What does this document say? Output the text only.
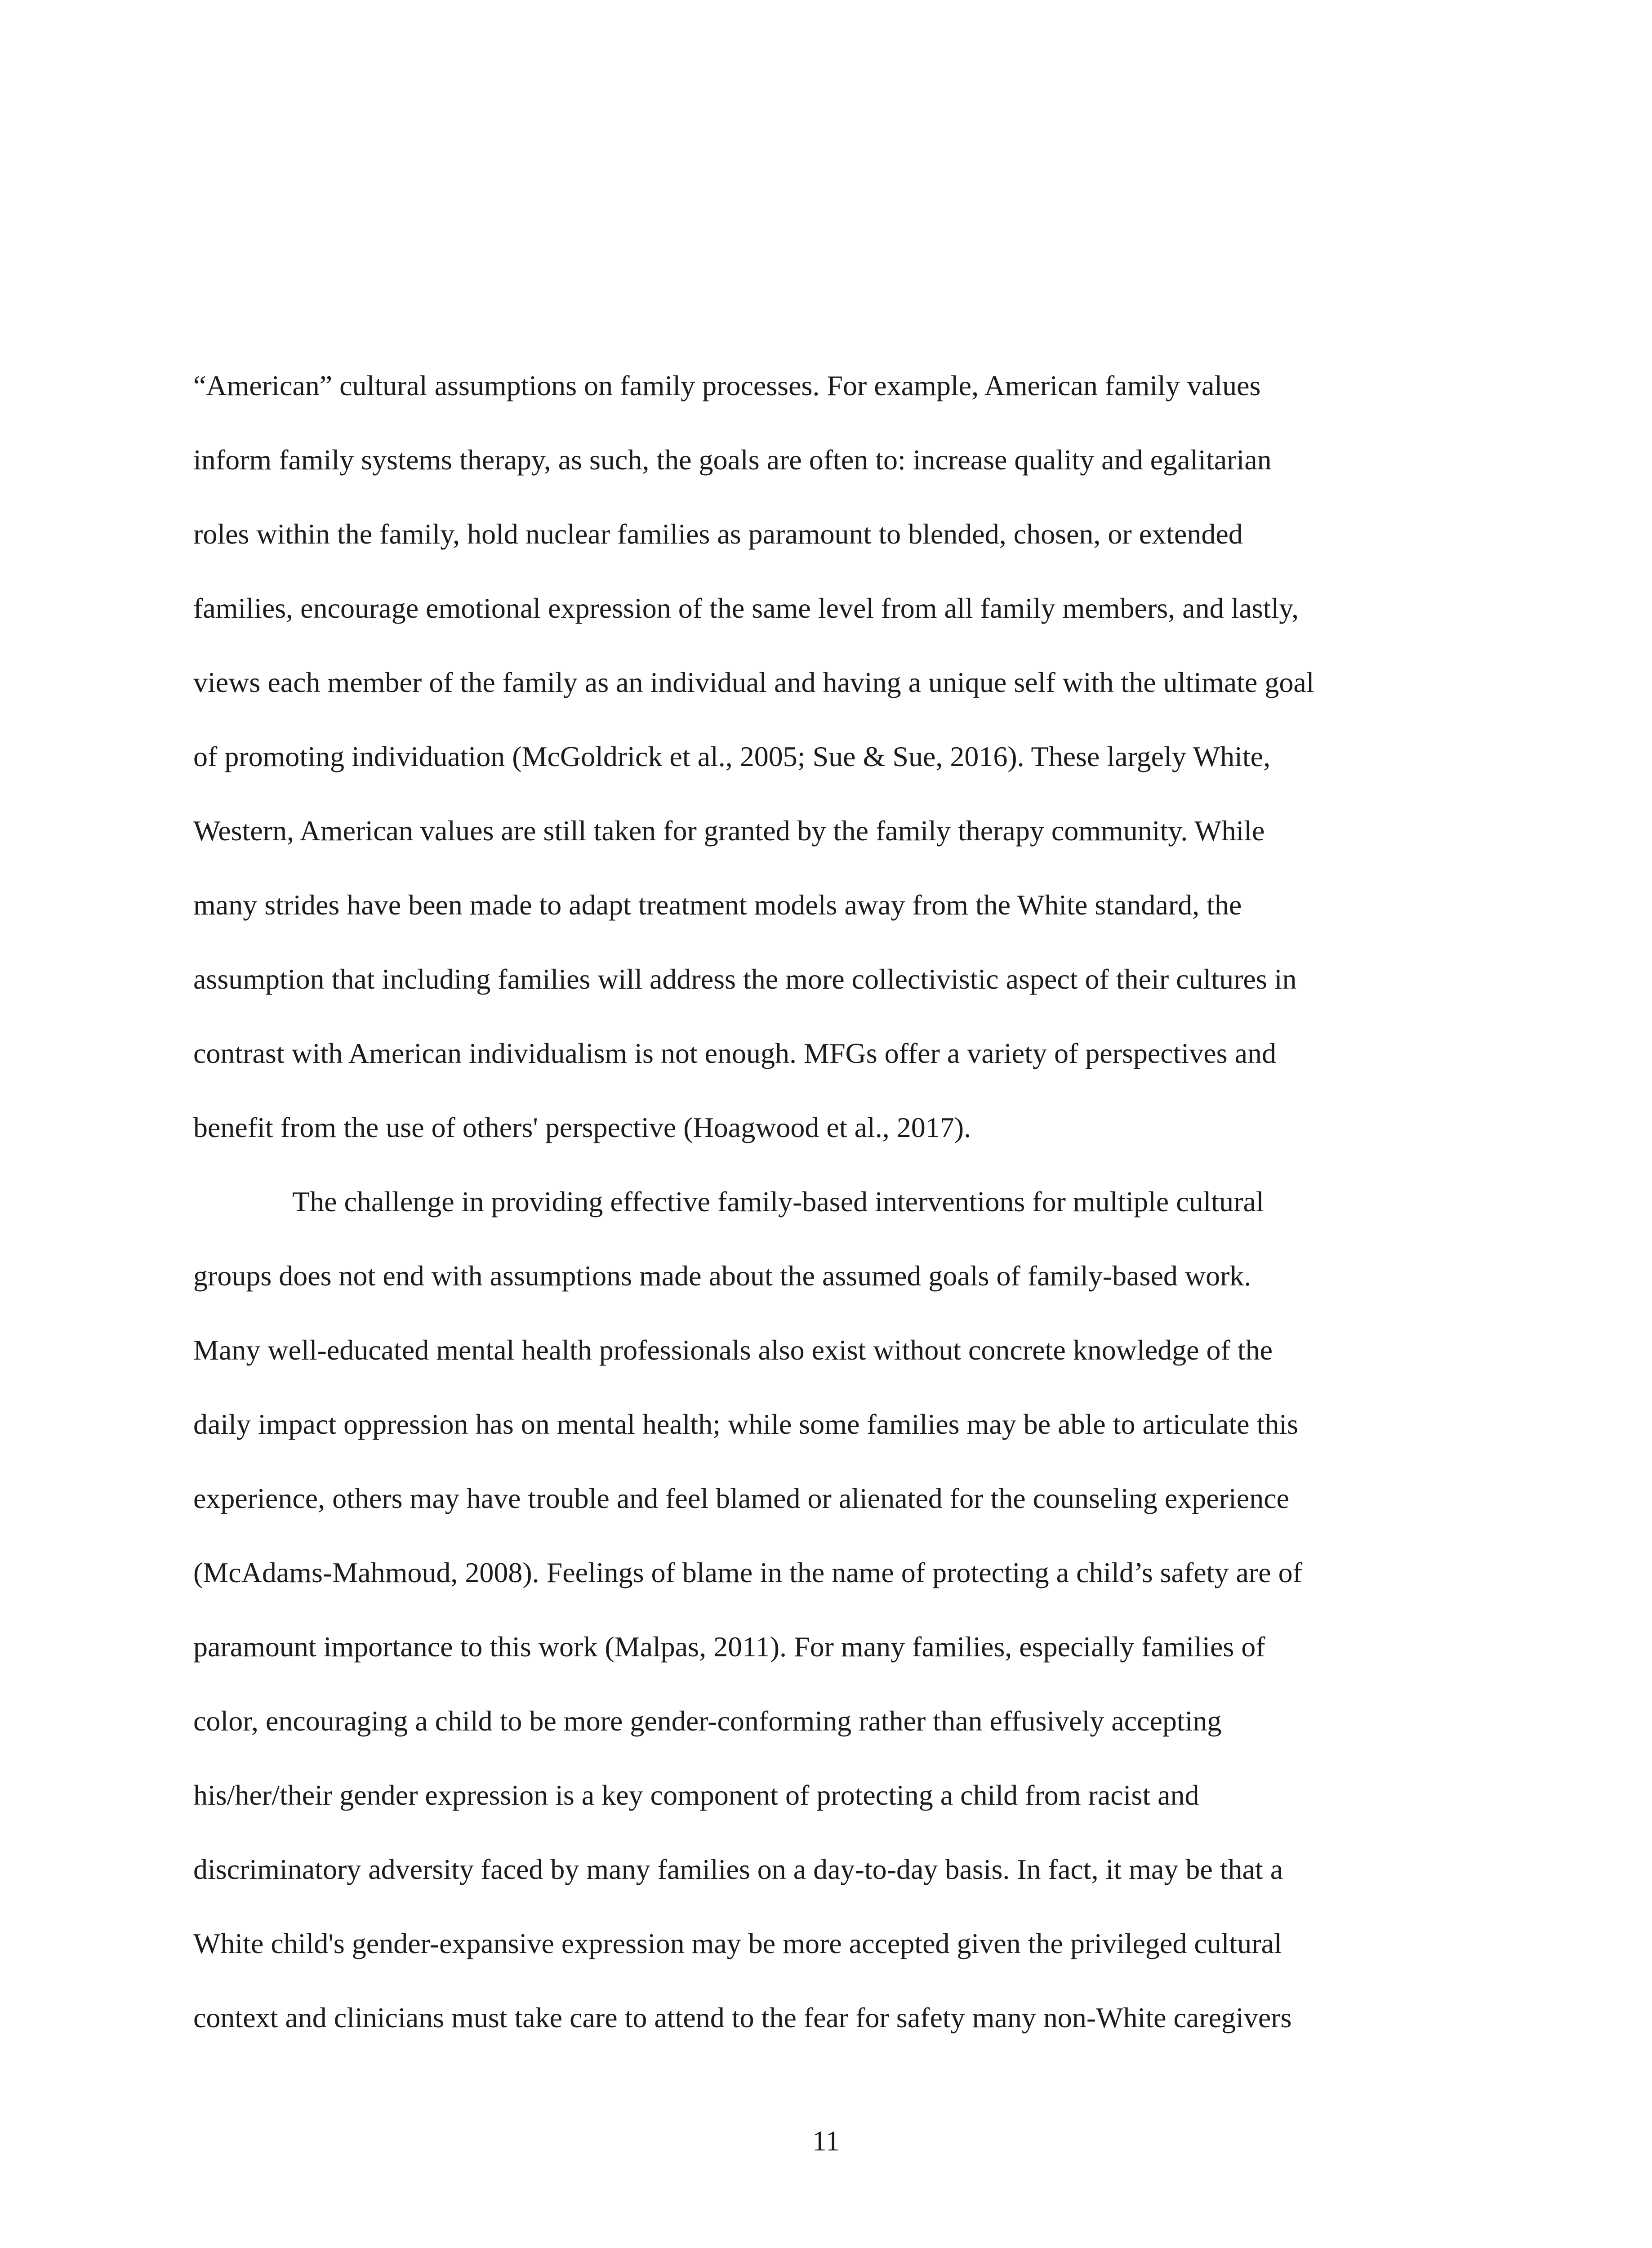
“American” cultural assumptions on family processes. For example, American family values
inform family systems therapy, as such, the goals are often to: increase quality and egalitarian
roles within the family, hold nuclear families as paramount to blended, chosen, or extended
families, encourage emotional expression of the same level from all family members, and lastly,
views each member of the family as an individual and having a unique self with the ultimate goal
of promoting individuation (McGoldrick et al., 2005; Sue & Sue, 2016). These largely White,
Western, American values are still taken for granted by the family therapy community. While
many strides have been made to adapt treatment models away from the White standard, the
assumption that including families will address the more collectivistic aspect of their cultures in
contrast with American individualism is not enough. MFGs offer a variety of perspectives and
benefit from the use of others' perspective (Hoagwood et al., 2017).
The challenge in providing effective family-based interventions for multiple cultural
groups does not end with assumptions made about the assumed goals of family-based work.
Many well-educated mental health professionals also exist without concrete knowledge of the
daily impact oppression has on mental health; while some families may be able to articulate this
experience, others may have trouble and feel blamed or alienated for the counseling experience
(McAdams-Mahmoud, 2008). Feelings of blame in the name of protecting a child’s safety are of
paramount importance to this work (Malpas, 2011). For many families, especially families of
color, encouraging a child to be more gender-conforming rather than effusively accepting
his/her/their gender expression is a key component of protecting a child from racist and
discriminatory adversity faced by many families on a day-to-day basis. In fact, it may be that a
White child's gender-expansive expression may be more accepted given the privileged cultural
context and clinicians must take care to attend to the fear for safety many non-White caregivers
11
